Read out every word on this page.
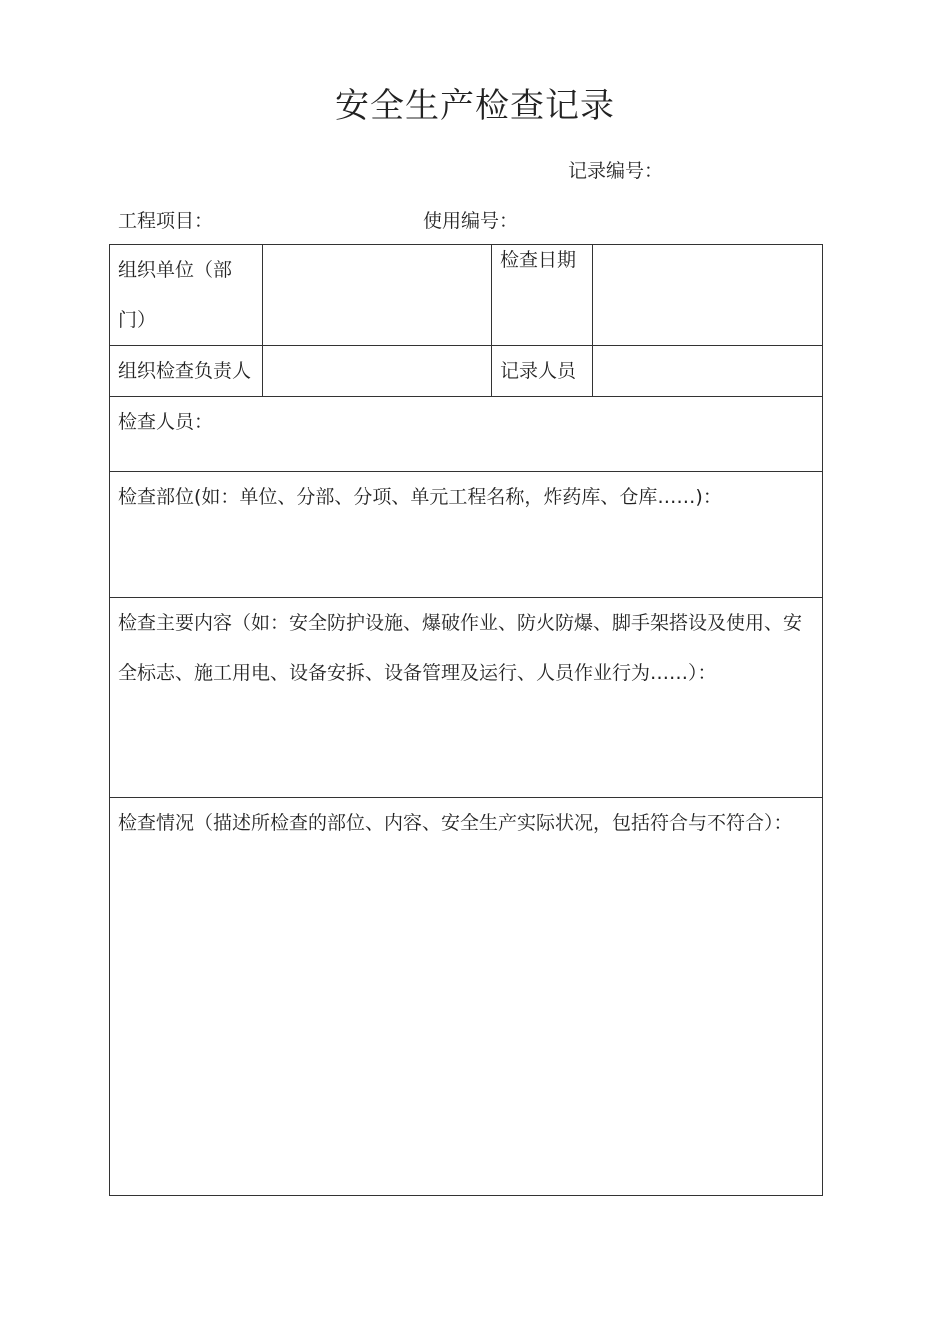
安全生产检查记录
记录编号：
工程项目：	使用编号：
组织单位（部门）		检查日期	
组织检查负责人		记录人员	
检查人员：			
检查部位(如：单位、分部、分项、单元工程名称，炸药库、仓库……)：			
检查主要内容（如：安全防护设施、爆破作业、防火防爆、脚手架搭设及使用、安全标志、施工用电、设备安拆、设备管理及运行、人员作业行为……）：			
检查情况（描述所检查的部位、内容、安全生产实际状况，包括符合与不符合）：			
